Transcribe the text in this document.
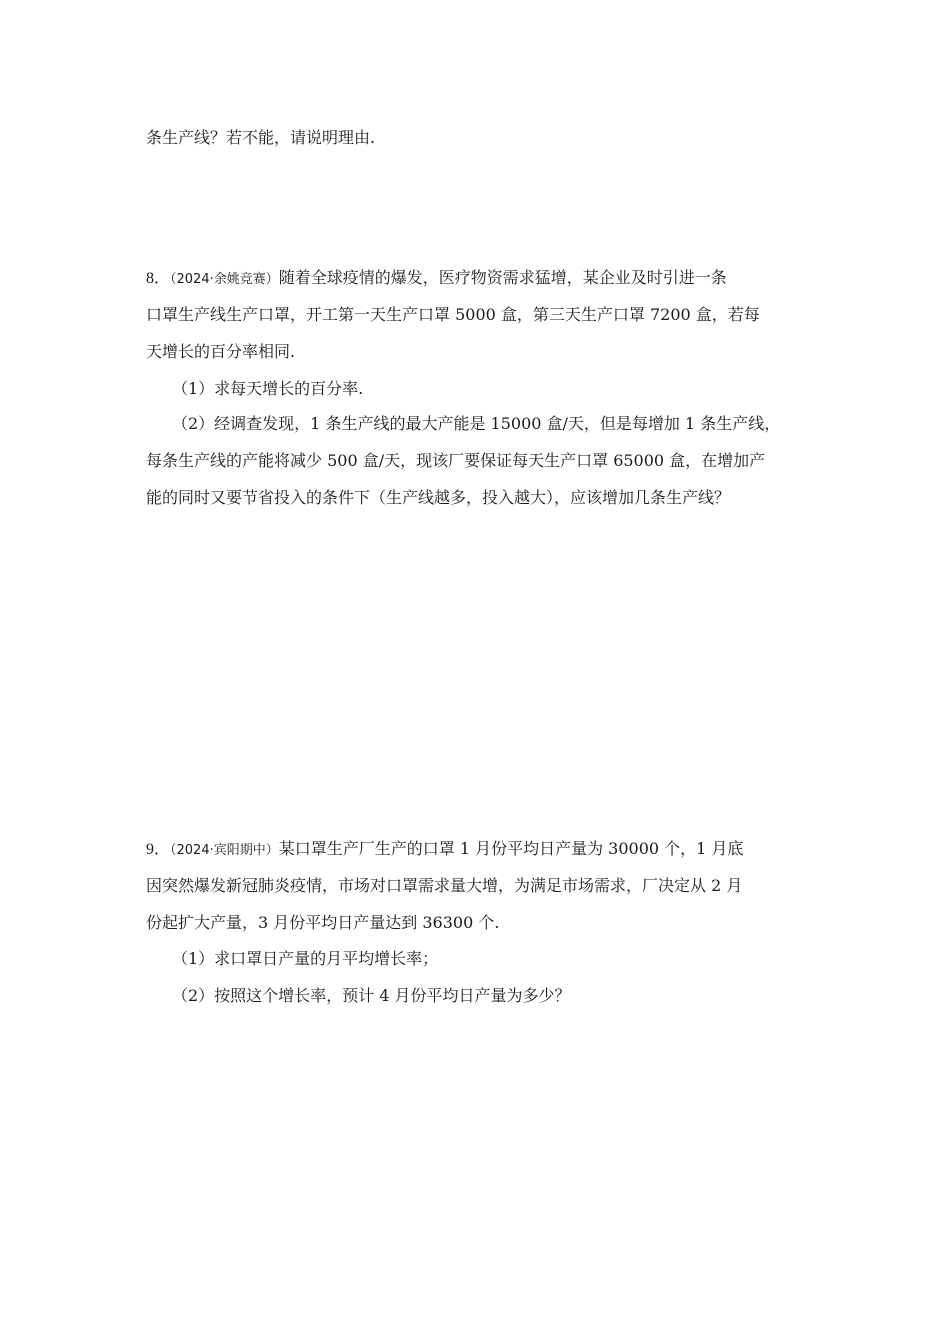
条生产线？若不能，请说明理由.
8．（2024·余姚竞赛）随着全球疫情的爆发，医疗物资需求猛增，某企业及时引进一条
口罩生产线生产口罩，开工第一天生产口罩 5000 盒，第三天生产口罩 7200 盒，若每
天增长的百分率相同.
（1）求每天增长的百分率.
（2）经调查发现，1 条生产线的最大产能是 15000 盒/天，但是每增加 1 条生产线，
每条生产线的产能将减少 500 盒/天，现该厂要保证每天生产口罩 65000 盒，在增加产
能的同时又要节省投入的条件下（生产线越多，投入越大），应该增加几条生产线？
9．（2024·宾阳期中）某口罩生产厂生产的口罩 1 月份平均日产量为 30000 个，1 月底
因突然爆发新冠肺炎疫情，市场对口罩需求量大增，为满足市场需求，厂决定从 2 月
份起扩大产量，3 月份平均日产量达到 36300 个.
（1）求口罩日产量的月平均增长率；
（2）按照这个增长率，预计 4 月份平均日产量为多少？
